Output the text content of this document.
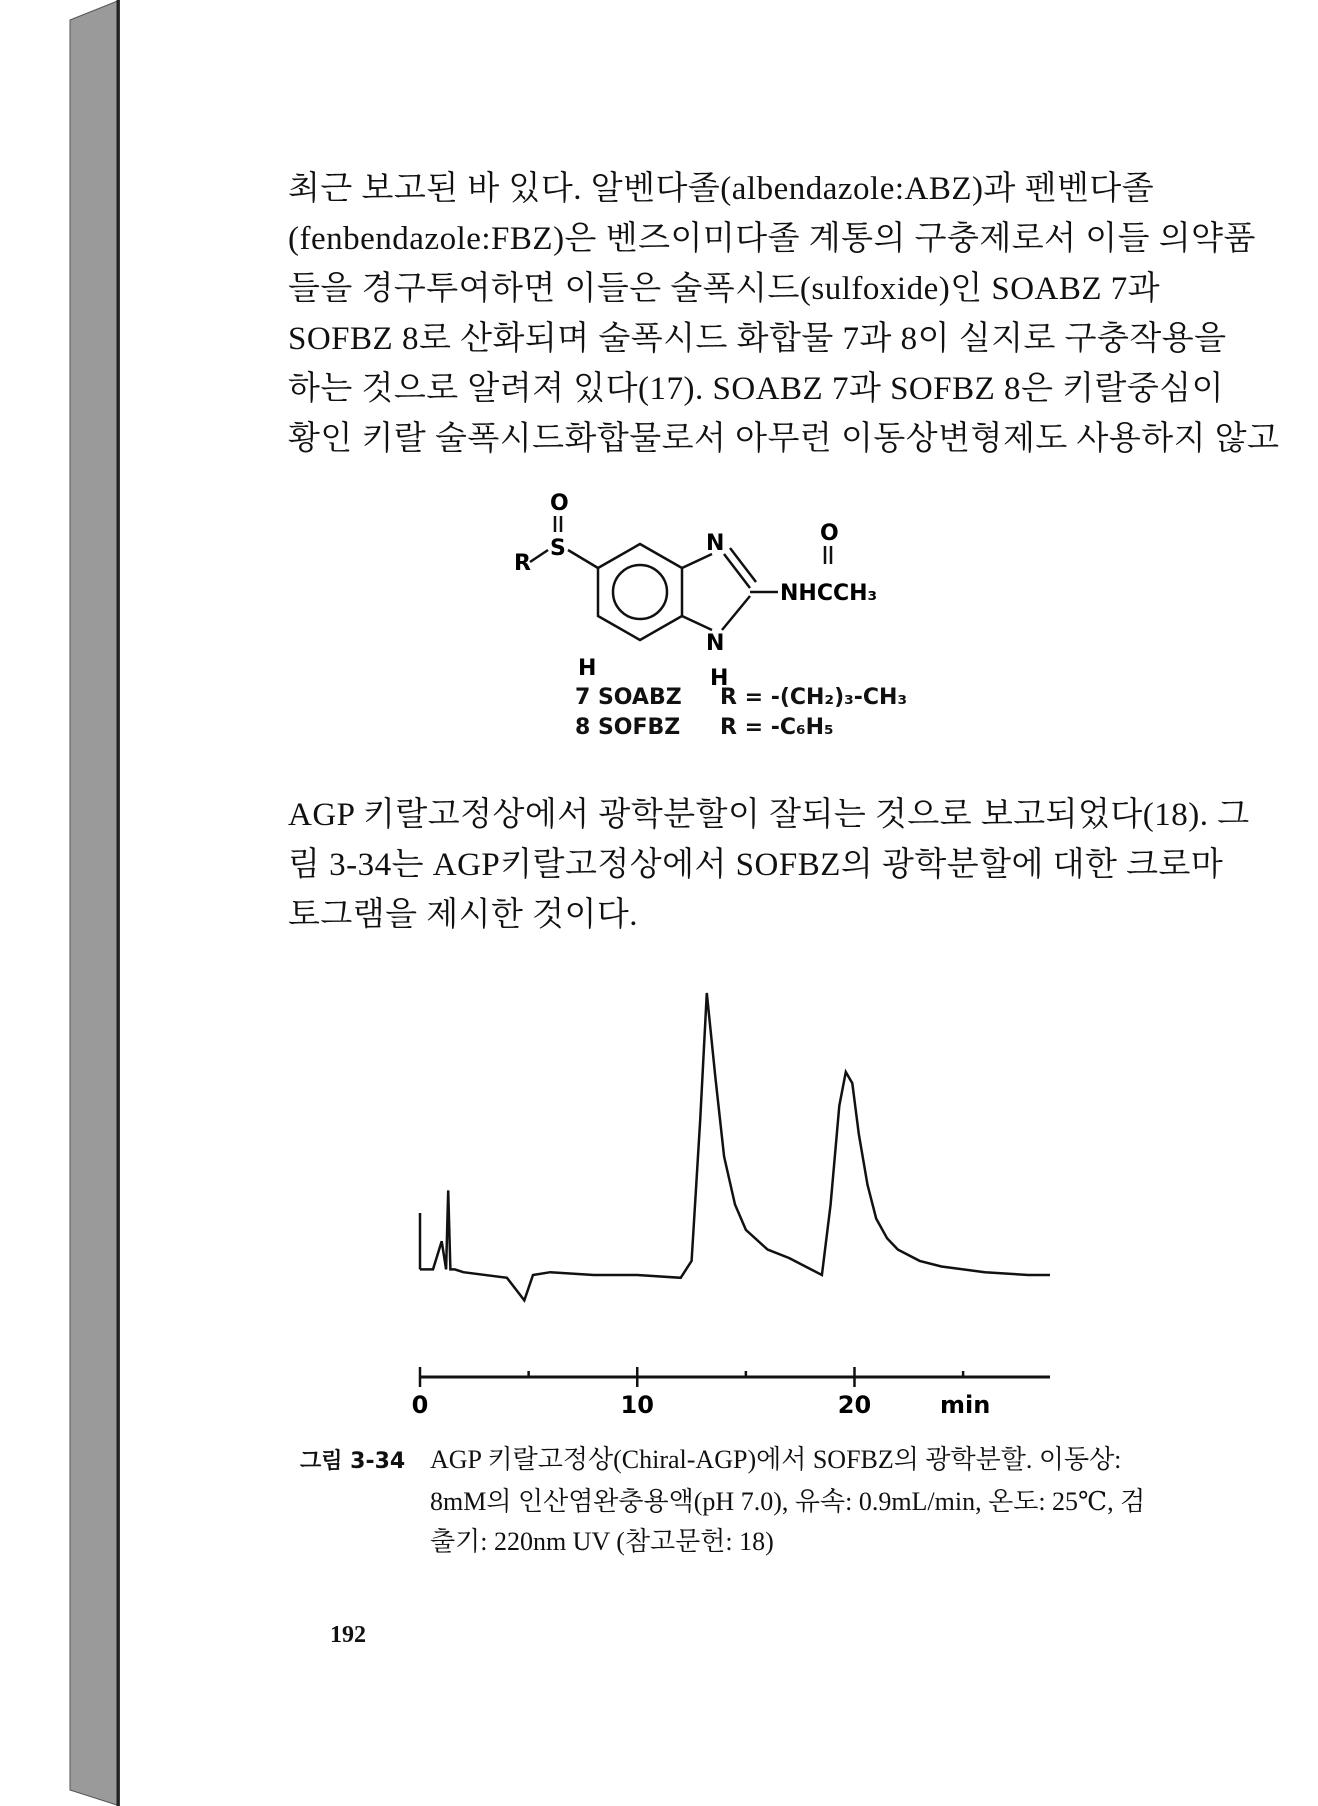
최근 보고된 바 있다. 알벤다졸(albendazole:ABZ)과 펜벤다졸
(fenbendazole:FBZ)은 벤즈이미다졸 계통의 구충제로서 이들 의약품
들을 경구투여하면 이들은 술폭시드(sulfoxide)인 SOABZ 7과
SOFBZ 8로 산화되며 술폭시드 화합물 7과 8이 실지로 구충작용을
하는 것으로 알려져 있다(17). SOABZ 7과 SOFBZ 8은 키랄중심이
황인 키랄 술폭시드화합물로서 아무런 이동상변형제도 사용하지 않고
O
S
R
N
N
O
NHCCH₃
H	H
7 SOABZ	R = -(CH₂)₃-CH₃
8 SOFBZ	R = -C₆H₅
AGP 키랄고정상에서 광학분할이 잘되는 것으로 보고되었다(18). 그
림 3-34는 AGP키랄고정상에서 SOFBZ의 광학분할에 대한 크로마
토그램을 제시한 것이다.
0	10	20	min
그림 3-34 AGP 키랄고정상(Chiral-AGP)에서 SOFBZ의 광학분할. 이동상:
8mM의 인산염완충용액(pH 7.0), 유속: 0.9mL/min, 온도: 25℃, 검
출기: 220nm UV (참고문헌: 18)
192
